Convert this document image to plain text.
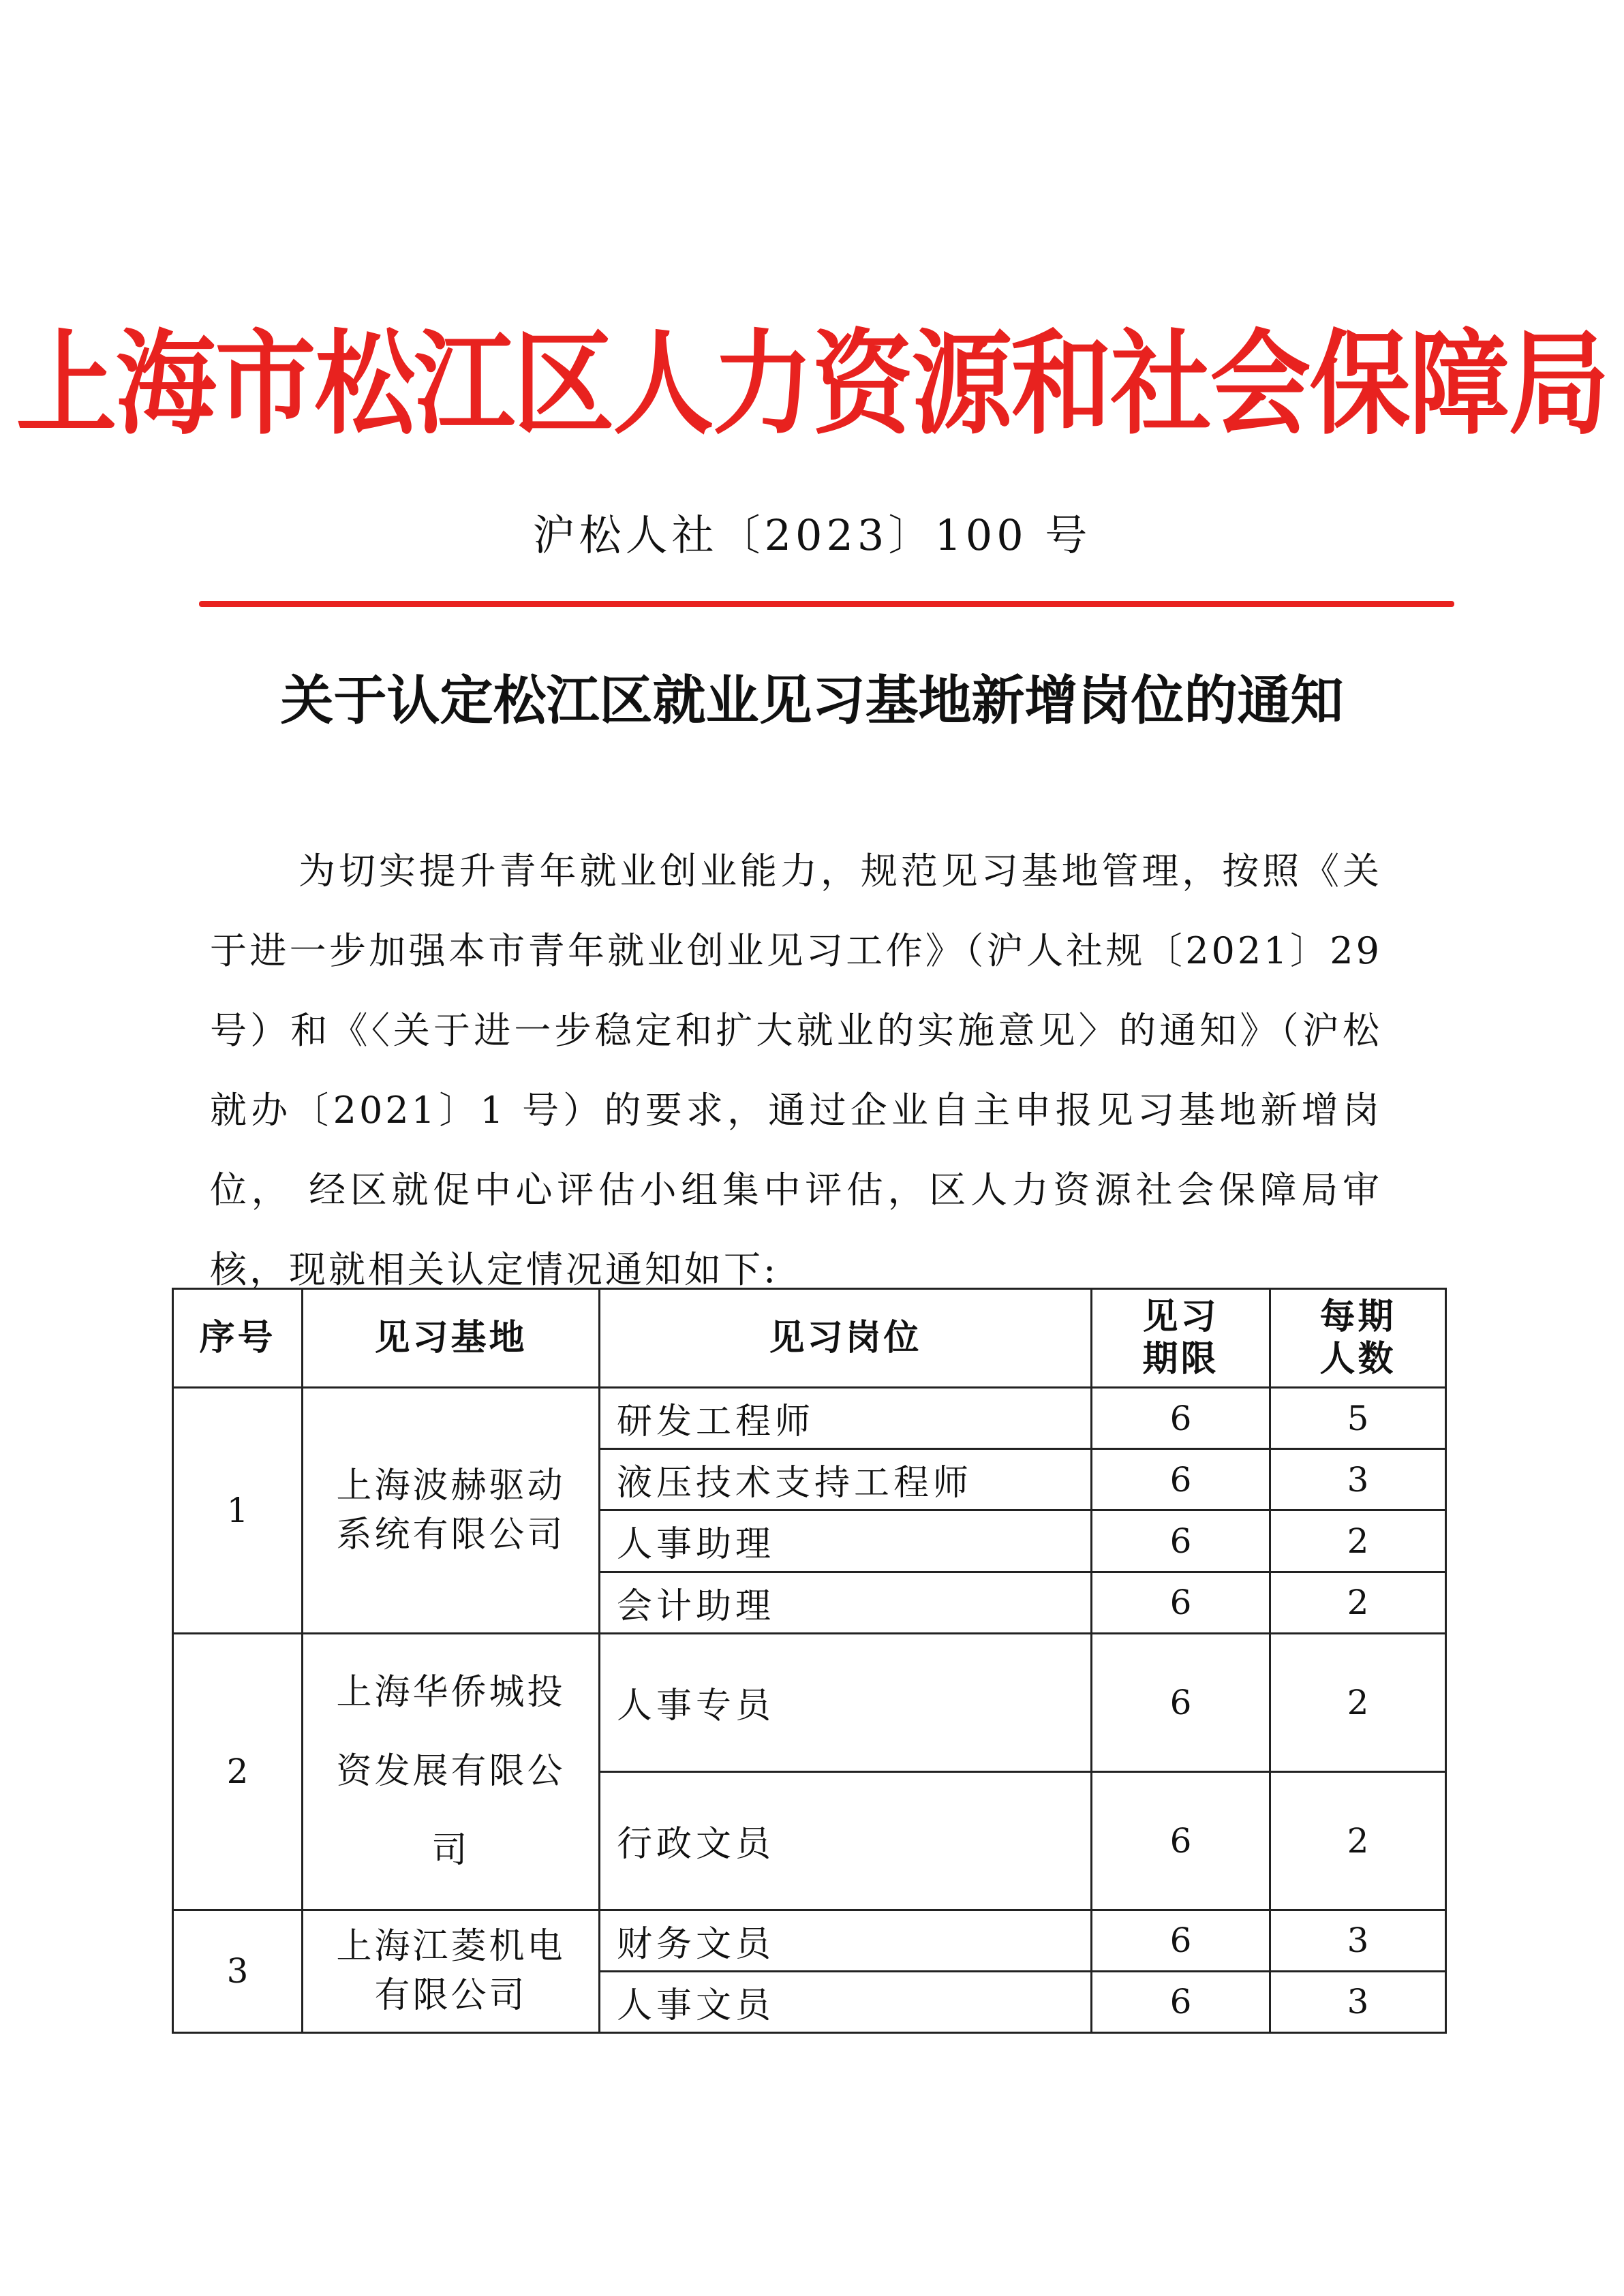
上海市松江区人力资源和社会保障局
沪松人社〔2023〕100 号
关于认定松江区就业见习基地新增岗位的通知
为切实提升青年就业创业能力，规范见习基地管理，按照《关 于进一步加强本市青年就业创业见习工作》（沪人社规〔2021〕29 号）和《〈关于进一步稳定和扩大就业的实施意见〉的通知》（沪松就办〔2021〕1 号）的要求，通过企业自主申报见习基地新增岗位， 经区就促中心评估小组集中评估，区人力资源社会保障局审核，现就相关认定情况通知如下:
序号	见习基地	见习岗位	见习期限	每期人数
1	上海波赫驱动系统有限公司	研发工程师	6	5
		液压技术支持工程师	6	3
		人事助理	6	2
		会计助理	6	2
2	上海华侨城投资发展有限公司	人事专员	6	2
		行政文员	6	2
3	上海江菱机电有限公司	财务文员	6	3
		人事文员	6	3
